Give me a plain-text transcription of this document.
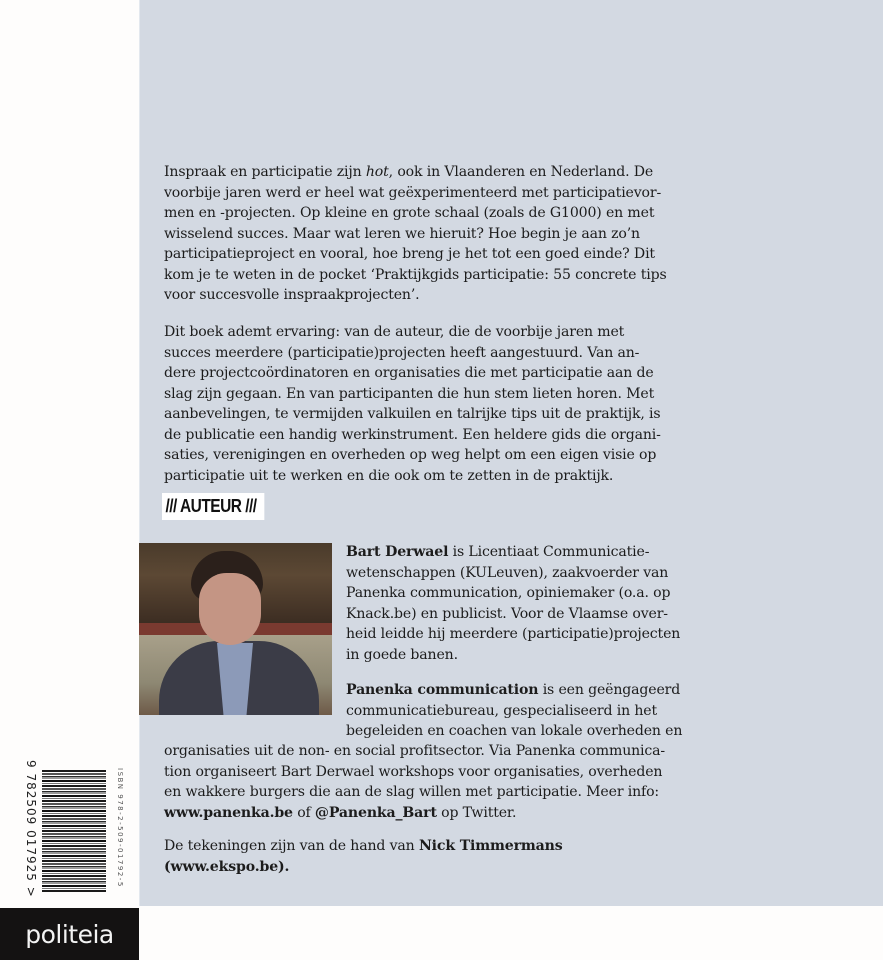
Inspraak en participatie zijn hot, ook in Vlaanderen en Nederland. De
voorbije jaren werd er heel wat geëxperimenteerd met participatievor-
men en -projecten. Op kleine en grote schaal (zoals de G1000) en met
wisselend succes. Maar wat leren we hieruit? Hoe begin je aan zo’n
participatieproject en vooral, hoe breng je het tot een goed einde? Dit
kom je te weten in de pocket ‘Praktijkgids participatie: 55 concrete tips
voor succesvolle inspraakprojecten’.
Dit boek ademt ervaring: van de auteur, die de voorbije jaren met
succes meerdere (participatie)projecten heeft aangestuurd. Van an-
dere projectcoördinatoren en organisaties die met participatie aan de
slag zijn gegaan. En van participanten die hun stem lieten horen. Met
aanbevelingen, te vermijden valkuilen en talrijke tips uit de praktijk, is
de publicatie een handig werkinstrument. Een heldere gids die organi-
saties, verenigingen en overheden op weg helpt om een eigen visie op
participatie uit te werken en die ook om te zetten in de praktijk.
/// AUTEUR ///
Bart Derwael is Licentiaat Communicatie-
wetenschappen (KULeuven), zaakvoerder van
Panenka communication, opiniemaker (o.a. op
Knack.be) en publicist. Voor de Vlaamse over-
heid leidde hij meerdere (participatie)projecten
in goede banen.
Panenka communication is een geëngageerd
communicatiebureau, gespecialiseerd in het
begeleiden en coachen van lokale overheden en
organisaties uit de non- en social profitsector. Via Panenka communica-
tion organiseert Bart Derwael workshops voor organisaties, overheden
en wakkere burgers die aan de slag willen met participatie. Meer info:
www.panenka.be of @Panenka_Bart op Twitter.
De tekeningen zijn van de hand van Nick Timmermans
(www.ekspo.be).
9 782509 017925 >	ISBN 978-2-509-01792-5
politeia
